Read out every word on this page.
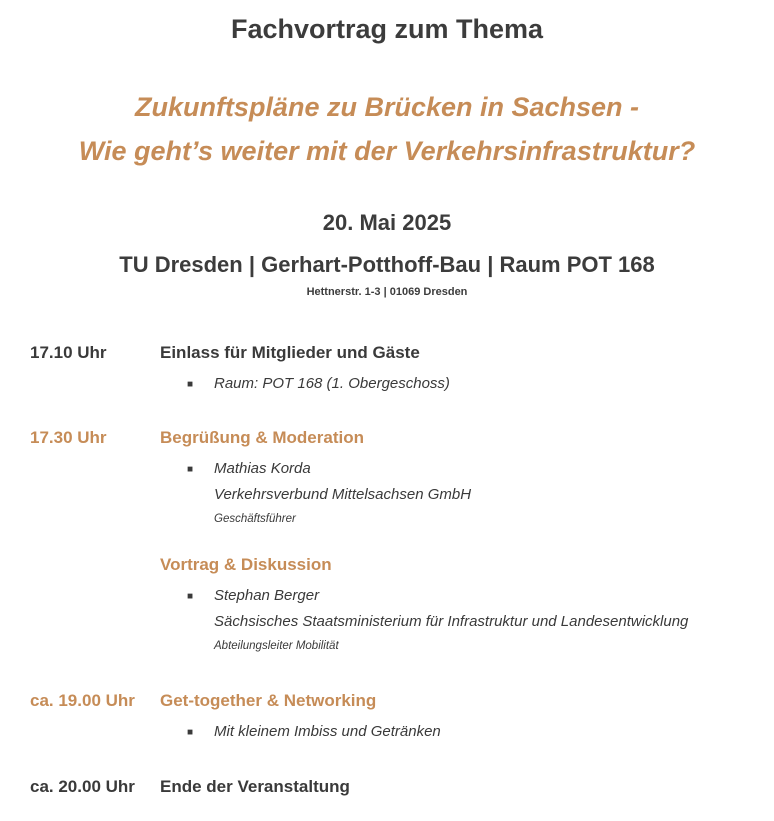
Fachvortrag zum Thema
Zukunftspläne zu Brücken in Sachsen -
Wie geht’s weiter mit der Verkehrsinfrastruktur?
20. Mai 2025
TU Dresden | Gerhart-Potthoff-Bau | Raum POT 168
Hettnerstr. 1-3 | 01069 Dresden
17.10 Uhr	Einlass für Mitglieder und Gäste
■ Raum: POT 168 (1. Obergeschoss)
17.30 Uhr	Begrüßung & Moderation
■ Mathias Korda
Verkehrsverbund Mittelsachsen GmbH
Geschäftsführer
Vortrag & Diskussion
■ Stephan Berger
Sächsisches Staatsministerium für Infrastruktur und Landesentwicklung
Abteilungsleiter Mobilität
ca. 19.00 Uhr Get-together & Networking
■ Mit kleinem Imbiss und Getränken
ca. 20.00 Uhr Ende der Veranstaltung
